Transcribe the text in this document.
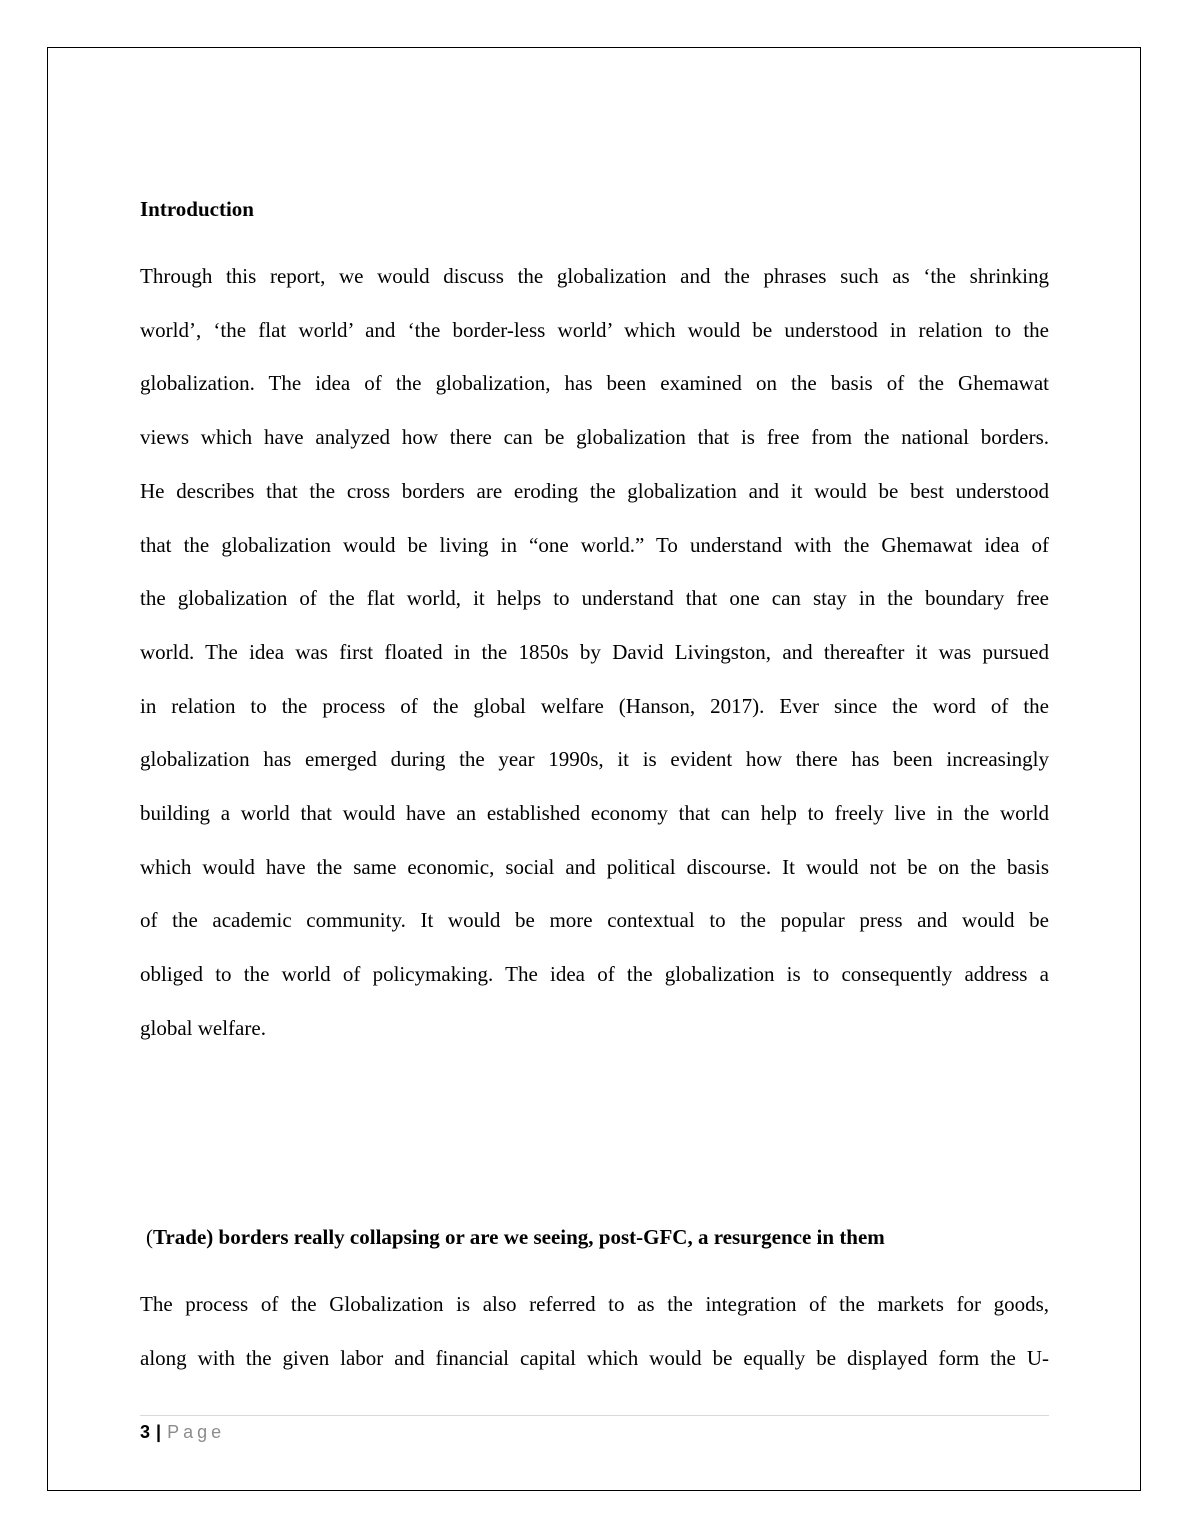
Introduction
Through this report, we would discuss the globalization and the phrases such as ‘the shrinking
world’, ‘the flat world’ and ‘the border-less world’ which would be understood in relation to the
globalization. The idea of the globalization, has been examined on the basis of the Ghemawat
views which have analyzed how there can be globalization that is free from the national borders.
He describes that the cross borders are eroding the globalization and it would be best understood
that the globalization would be living in “one world.” To understand with the Ghemawat idea of
the globalization of the flat world, it helps to understand that one can stay in the boundary free
world. The idea was first floated in the 1850s by David Livingston, and thereafter it was pursued
in relation to the process of the global welfare (Hanson, 2017). Ever since the word of the
globalization has emerged during the year 1990s, it is evident how there has been increasingly
building a world that would have an established economy that can help to freely live in the world
which would have the same economic, social and political discourse. It would not be on the basis
of the academic community. It would be more contextual to the popular press and would be
obliged to the world of policymaking. The idea of the globalization is to consequently address a
global welfare.
(Trade) borders really collapsing or are we seeing, post-GFC, a resurgence in them
The process of the Globalization is also referred to as the integration of the markets for goods,
along with the given labor and financial capital which would be equally be displayed form the U-
3 | Page
